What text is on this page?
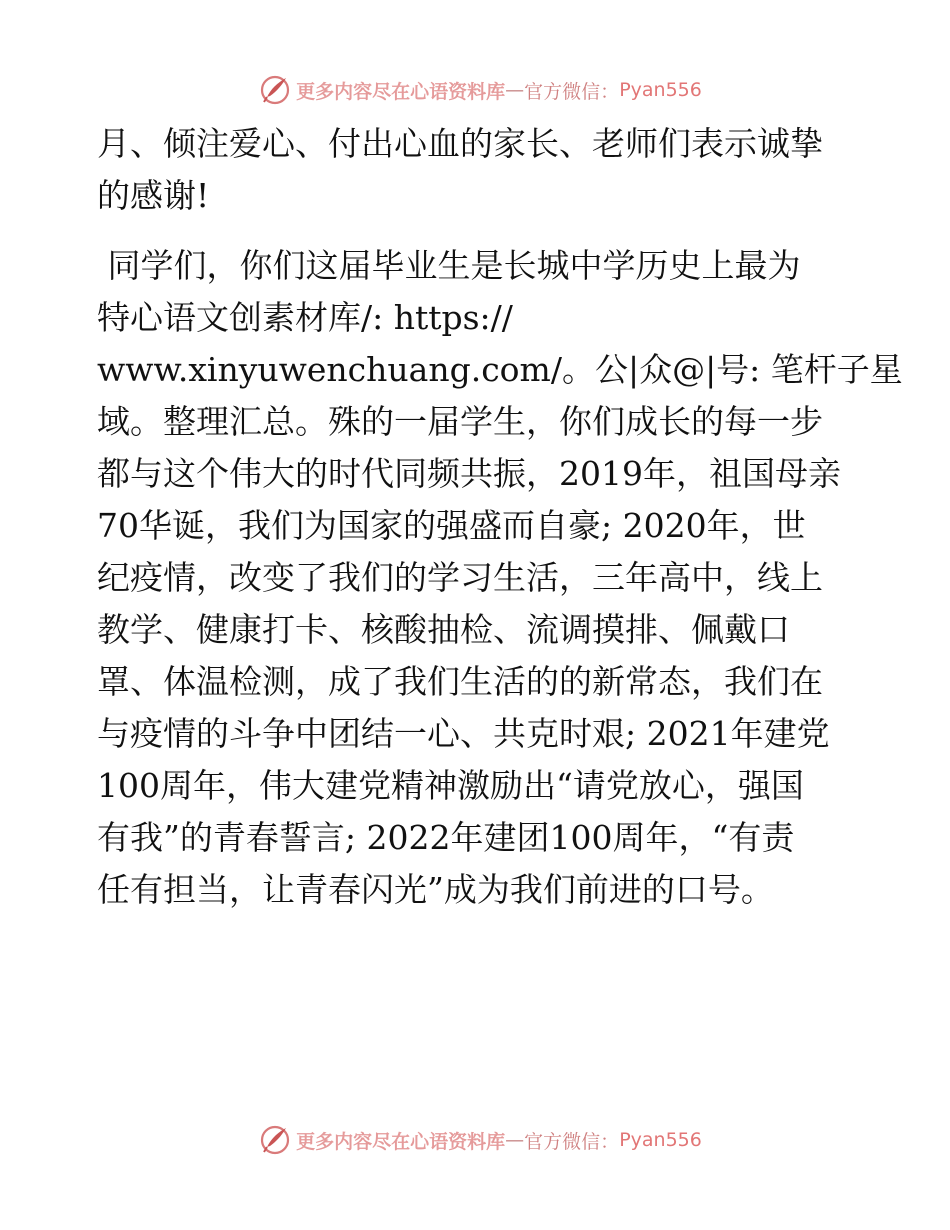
更多内容尽在心语资料库 — 官方微信： Pyan556
月、倾注爱心、付出心血的家长、老师们表示诚挚
的感谢!
同学们，你们这届毕业生是长城中学历史上最为
特心语文创素材库/: https://
www.xinyuwenchuang.com/。公|众@|号: 笔杆子星
域。整理汇总。殊的一届学生，你们成长的每一步
都与这个伟大的时代同频共振，2019年，祖国母亲
70华诞，我们为国家的强盛而自豪; 2020年，世
纪疫情，改变了我们的学习生活，三年高中，线上
教学、健康打卡、核酸抽检、流调摸排、佩戴口
罩、体温检测，成了我们生活的的新常态，我们在
与疫情的斗争中团结一心、共克时艰; 2021年建党
100周年，伟大建党精神激励出“请党放心，强国
有我”的青春誓言; 2022年建团100周年，“有责
任有担当，让青春闪光”成为我们前进的口号。
更多内容尽在心语资料库 — 官方微信： Pyan556
